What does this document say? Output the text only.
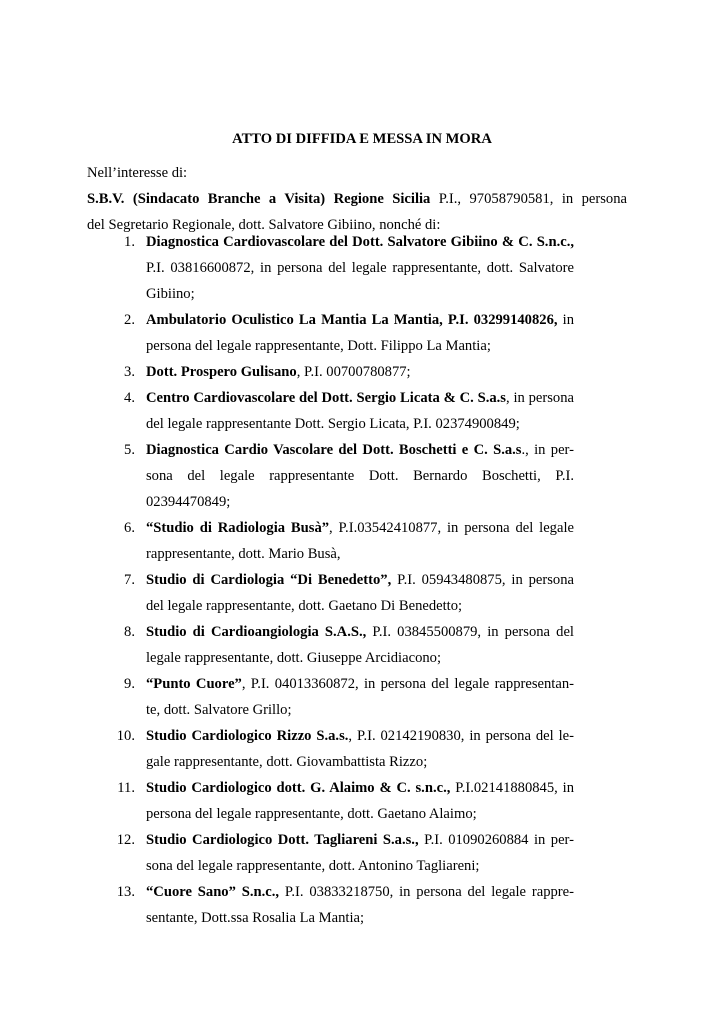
ATTO DI DIFFIDA E MESSA IN MORA

Nell’interesse di:

S.B.V. (Sindacato Branche a Visita) Regione Sicilia P.I., 97058790581, in persona

del Segretario Regionale, dott. Salvatore Gibiino, nonché di:

1. Diagnostica Cardiovascolare del Dott. Salvatore Gibiino & C. S.n.c., P.I. 03816600872, in persona del legale rappresentante, dott. Salvatore Gibiino;
2. Ambulatorio Oculistico La Mantia La Mantia, P.I. 03299140826, in persona del legale rappresentante, Dott. Filippo La Mantia;
3. Dott. Prospero Gulisano, P.I. 00700780877;
4. Centro Cardiovascolare del Dott. Sergio Licata & C. S.a.s, in persona del legale rappresentante Dott. Sergio Licata, P.I. 02374900849;
5. Diagnostica Cardio Vascolare del Dott. Boschetti e C. S.a.s., in per-sona del legale rappresentante Dott. Bernardo Boschetti, P.I. 02394470849;
6. “Studio di Radiologia Busà”, P.I.03542410877, in persona del legale rappresentante, dott. Mario Busà,
7. Studio di Cardiologia “Di Benedetto”, P.I. 05943480875, in persona del legale rappresentante, dott. Gaetano Di Benedetto;
8. Studio di Cardioangiologia S.A.S., P.I. 03845500879, in persona del legale rappresentante, dott. Giuseppe Arcidiacono;
9. “Punto Cuore”, P.I. 04013360872, in persona del legale rappresentan-te, dott. Salvatore Grillo;
10. Studio Cardiologico Rizzo S.a.s., P.I. 02142190830, in persona del le-gale rappresentante, dott. Giovambattista Rizzo;
11. Studio Cardiologico dott. G. Alaimo & C. s.n.c., P.I.02141880845, in persona del legale rappresentante, dott. Gaetano Alaimo;
12. Studio Cardiologico Dott. Tagliareni S.a.s., P.I. 01090260884 in per-sona del legale rappresentante, dott. Antonino Tagliareni;
13. “Cuore Sano” S.n.c., P.I. 03833218750, in persona del legale rappre-sentante, Dott.ssa Rosalia La Mantia;
